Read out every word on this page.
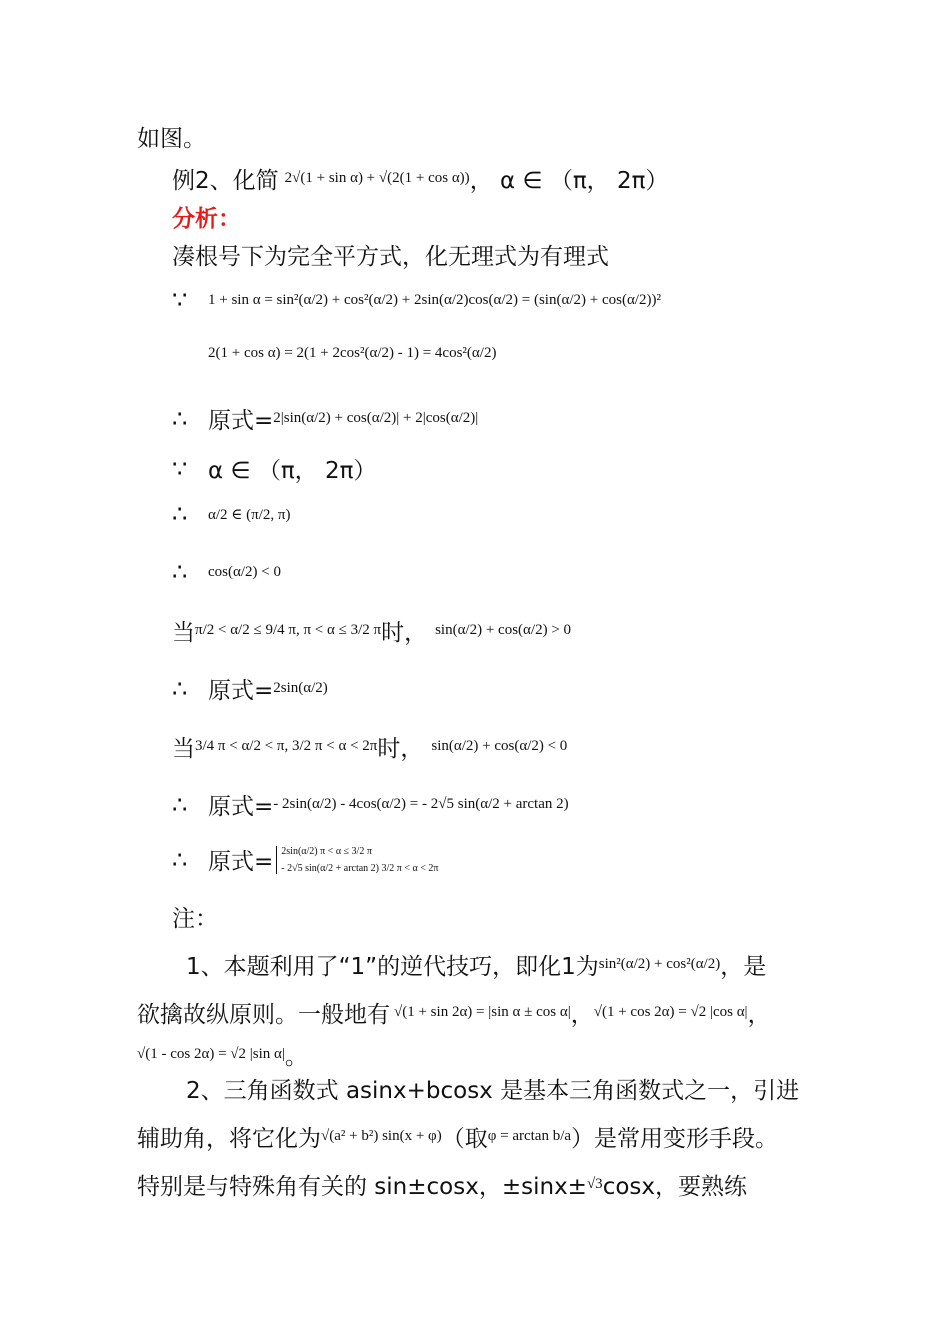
如图。
例2、化简 2√(1 + sin α) + √(2(1 + cos α)) ， α ∈ （π， 2π）
分析：
凑根号下为完全平方式，化无理式为有理式
∵	1 + sin α = sin²(α/2) + cos²(α/2) + 2sin(α/2)cos(α/2) = (sin(α/2) + cos(α/2))²
2(1 + cos α) = 2(1 + 2cos²(α/2) - 1) = 4cos²(α/2)
∴ 原式= 2|sin(α/2) + cos(α/2)| + 2|cos(α/2)|
∵ α ∈ （π， 2π）
∴	α/2 ∈ (π/2, π)
∴	cos(α/2) < 0
当 π/2 < α/2 ≤ 9/4 π, π < α ≤ 3/2 π 时， sin(α/2) + cos(α/2) > 0
∴ 原式= 2sin(α/2)
当 3/4 π < α/2 < π, 3/2 π < α < 2π 时， sin(α/2) + cos(α/2) < 0
∴ 原式= - 2sin(α/2) - 4cos(α/2) = - 2√5 sin(α/2 + arctan 2)
∴ 原式= 2sin(α/2) π < α ≤ 3/2 π
- 2√5 sin(α/2 + arctan 2) 3/2 π < α < 2π
注：
1、本题利用了“1”的逆代技巧，即化1为 sin²(α/2) + cos²(α/2) ，是
欲擒故纵原则。一般地有 √(1 + sin 2α) = |sin α ± cos α| ， √(1 + cos 2α) = √2 |cos α| ，
√(1 - cos 2α) = √2 |sin α| 。
2、三角函数式 asinx+bcosx 是基本三角函数式之一，引进
辅助角，将它化为 √(a² + b²) sin(x + φ) （取 φ = arctan b/a ）是常用变形手段。
特别是与特殊角有关的 sin±cosx，±sinx± √3 cosx，要熟练
